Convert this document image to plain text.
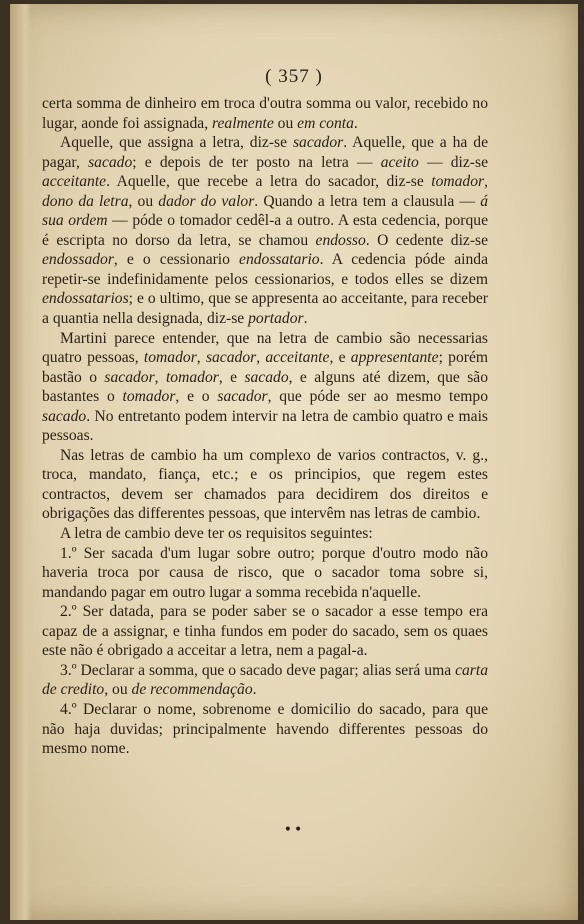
( 357 )

certa somma de dinheiro em troca d'outra somma ou valor, recebido no lugar, aonde foi assignada, realmente ou em conta.

Aquelle, que assigna a letra, diz-se sacador. Aquelle, que a ha de pagar, sacado; e depois de ter posto na letra — aceito — diz-se acceitante. Aquelle, que recebe a letra do sacador, diz-se tomador, dono da letra, ou dador do valor. Quando a letra tem a clausula — á sua ordem — póde o tomador cedêl-a a outro. A esta cedencia, porque é escripta no dorso da letra, se chamou endosso. O cedente diz-se endossador, e o cessionario endossatario. A cedencia póde ainda repetir-se indefinidamente pelos cessionarios, e todos elles se dizem endossatarios; e o ultimo, que se appresenta ao acceitante, para receber a quantia nella designada, diz-se portador.

Martini parece entender, que na letra de cambio são necessarias quatro pessoas, tomador, sacador, acceitante, e appresentante; porém bastão o sacador, tomador, e sacado, e alguns até dizem, que são bastantes o tomador, e o sacador, que póde ser ao mesmo tempo sacado. No entretanto podem intervir na letra de cambio quatro e mais pessoas.

Nas letras de cambio ha um complexo de varios contractos, v. g., troca, mandato, fiança, etc.; e os principios, que regem estes contractos, devem ser chamados para decidirem dos direitos e obrigações das differentes pessoas, que intervêm nas letras de cambio.

A letra de cambio deve ter os requisitos seguintes:

1.º Ser sacada d'um lugar sobre outro; porque d'outro modo não haveria troca por causa de risco, que o sacador toma sobre si, mandando pagar em outro lugar a somma recebida n'aquelle.

2.º Ser datada, para se poder saber se o sacador a esse tempo era capaz de a assignar, e tinha fundos em poder do sacado, sem os quaes este não é obrigado a acceitar a letra, nem a pagal-a.

3.º Declarar a somma, que o sacado deve pagar; alias será uma carta de credito, ou de recommendação.

4.º Declarar o nome, sobrenome e domicilio do sacado, para que não haja duvidas; principalmente havendo differentes pessoas do mesmo nome.

••
